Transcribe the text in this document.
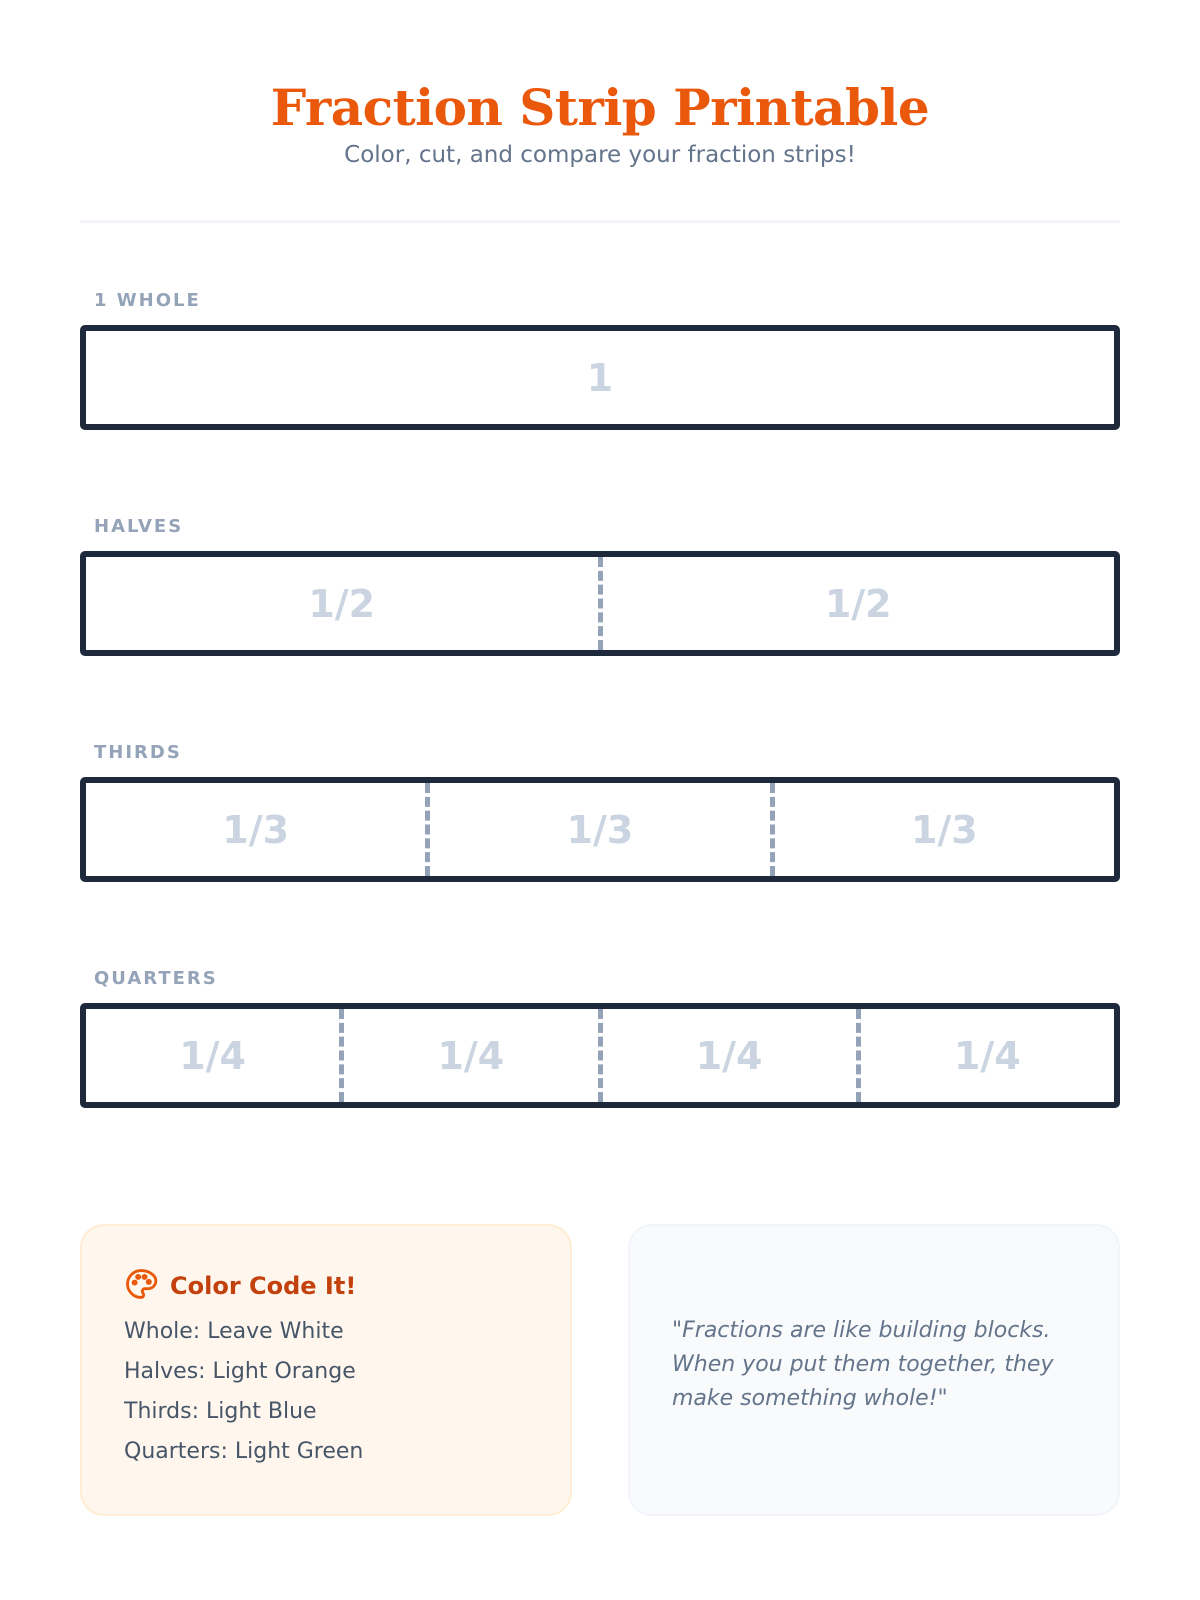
Fraction Strip Printable
Color, cut, and compare your fraction strips!
1 WHOLE
1
HALVES
1/2	1/2
THIRDS
1/3	1/3	1/3
QUARTERS
1/4	1/4	1/4	1/4
Color Code It!
Whole: Leave White
Halves: Light Orange
Thirds: Light Blue
Quarters: Light Green
"Fractions are like building blocks. When you put them together, they make something whole!"
